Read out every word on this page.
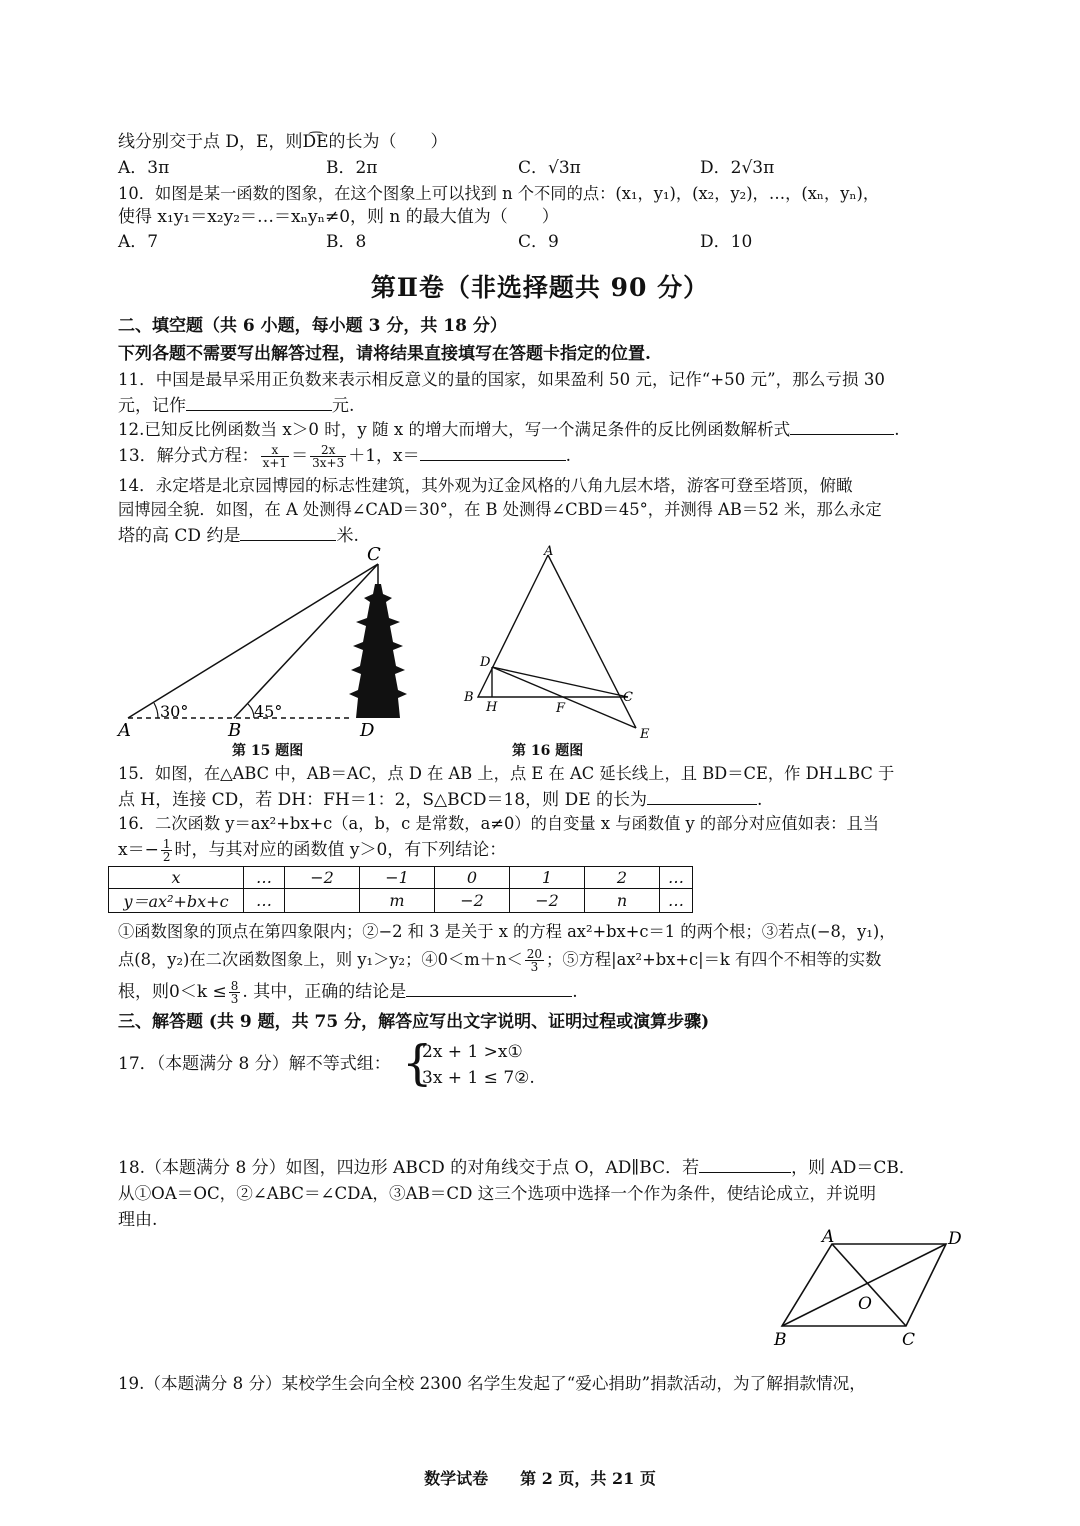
线分别交于点 D，E，则D͡E的长为（　　）
A．3π	B．2π	C．√3π	D．2√3π
10．如图是某一函数的图象，在这个图象上可以找到 n 个不同的点：(x₁，y₁)，(x₂，y₂)，…，(xₙ，yₙ)，
使得 x₁y₁＝x₂y₂＝…＝xₙyₙ≠0，则 n 的最大值为（　　）
A．7	B．8	C．9	D．10
第Ⅱ卷（非选择题共 90 分）
二、填空题（共 6 小题，每小题 3 分，共 18 分）
下列各题不需要写出解答过程，请将结果直接填写在答题卡指定的位置.
11．中国是最早采用正负数来表示相反意义的量的国家，如果盈利 50 元，记作“+50 元”，那么亏损 30
元，记作	元.
12.已知反比例函数当 x＞0 时，y 随 x 的增大而增大，写一个满足条件的反比例函数解析式	.
13．解分式方程： $\frac{x}{x+1} = \frac{2x}{3x+3} +1$，x＝	.
14．永定塔是北京园博园的标志性建筑，其外观为辽金风格的八角九层木塔，游客可登至塔顶，俯瞰
园博园全貌．如图，在 A 处测得∠CAD＝30°，在 B 处测得∠CBD＝45°，并测得 AB＝52 米，那么永定
塔的高 CD 约是	米.
C
A	B	D
30°	45°
第 15 题图
A
B	C
D
E
F
H
第 16 题图
15．如图，在△ABC 中，AB＝AC，点 D 在 AB 上，点 E 在 AC 延长线上，且 BD＝CE，作 DH⊥BC 于
点 H，连接 CD，若 DH：FH＝1：2，S△BCD＝18，则 DE 的长为	.
16．二次函数 y＝ax²+bx+c（a，b，c 是常数，a≠0）的自变量 x 与函数值 y 的部分对应值如表：且当
$x=- \frac{1}{2}$ 时，与其对应的函数值 y＞0，有下列结论：
x	…	−2	−1	0	1	2	…
y＝ax²+bx+c	…		m	−2	−2	n	…
①函数图象的顶点在第四象限内；②−2 和 3 是关于 x 的方程 ax²+bx+c＝1 的两个根；③若点(−8，y₁)，
点(8，y₂)在二次函数图象上，则 y₁＞y₂；④0＜m＋n＜ $\frac{20}{3}$ ；⑤方程|ax²+bx+c|＝k 有四个不相等的实数
根，则$0<k \le \frac{8}{3}$ . 其中，正确的结论是	.
三、解答题 (共 9 题，共 75 分，解答应写出文字说明、证明过程或演算步骤)
17．（本题满分 8 分）解不等式组： {
2x + 1 >x①
3x + 1 ≤ 7②.
18.（本题满分 8 分）如图，四边形 ABCD 的对角线交于点 O，AD∥BC．若	，则 AD＝CB．
从①OA＝OC，②∠ABC＝∠CDA，③AB＝CD 这三个选项中选择一个作为条件，使结论成立，并说明
理由.
A	D
B	C
O
19.（本题满分 8 分）某校学生会向全校 2300 名学生发起了“爱心捐助”捐款活动，为了解捐款情况，
数学试卷　　第 2 页，共 21 页
